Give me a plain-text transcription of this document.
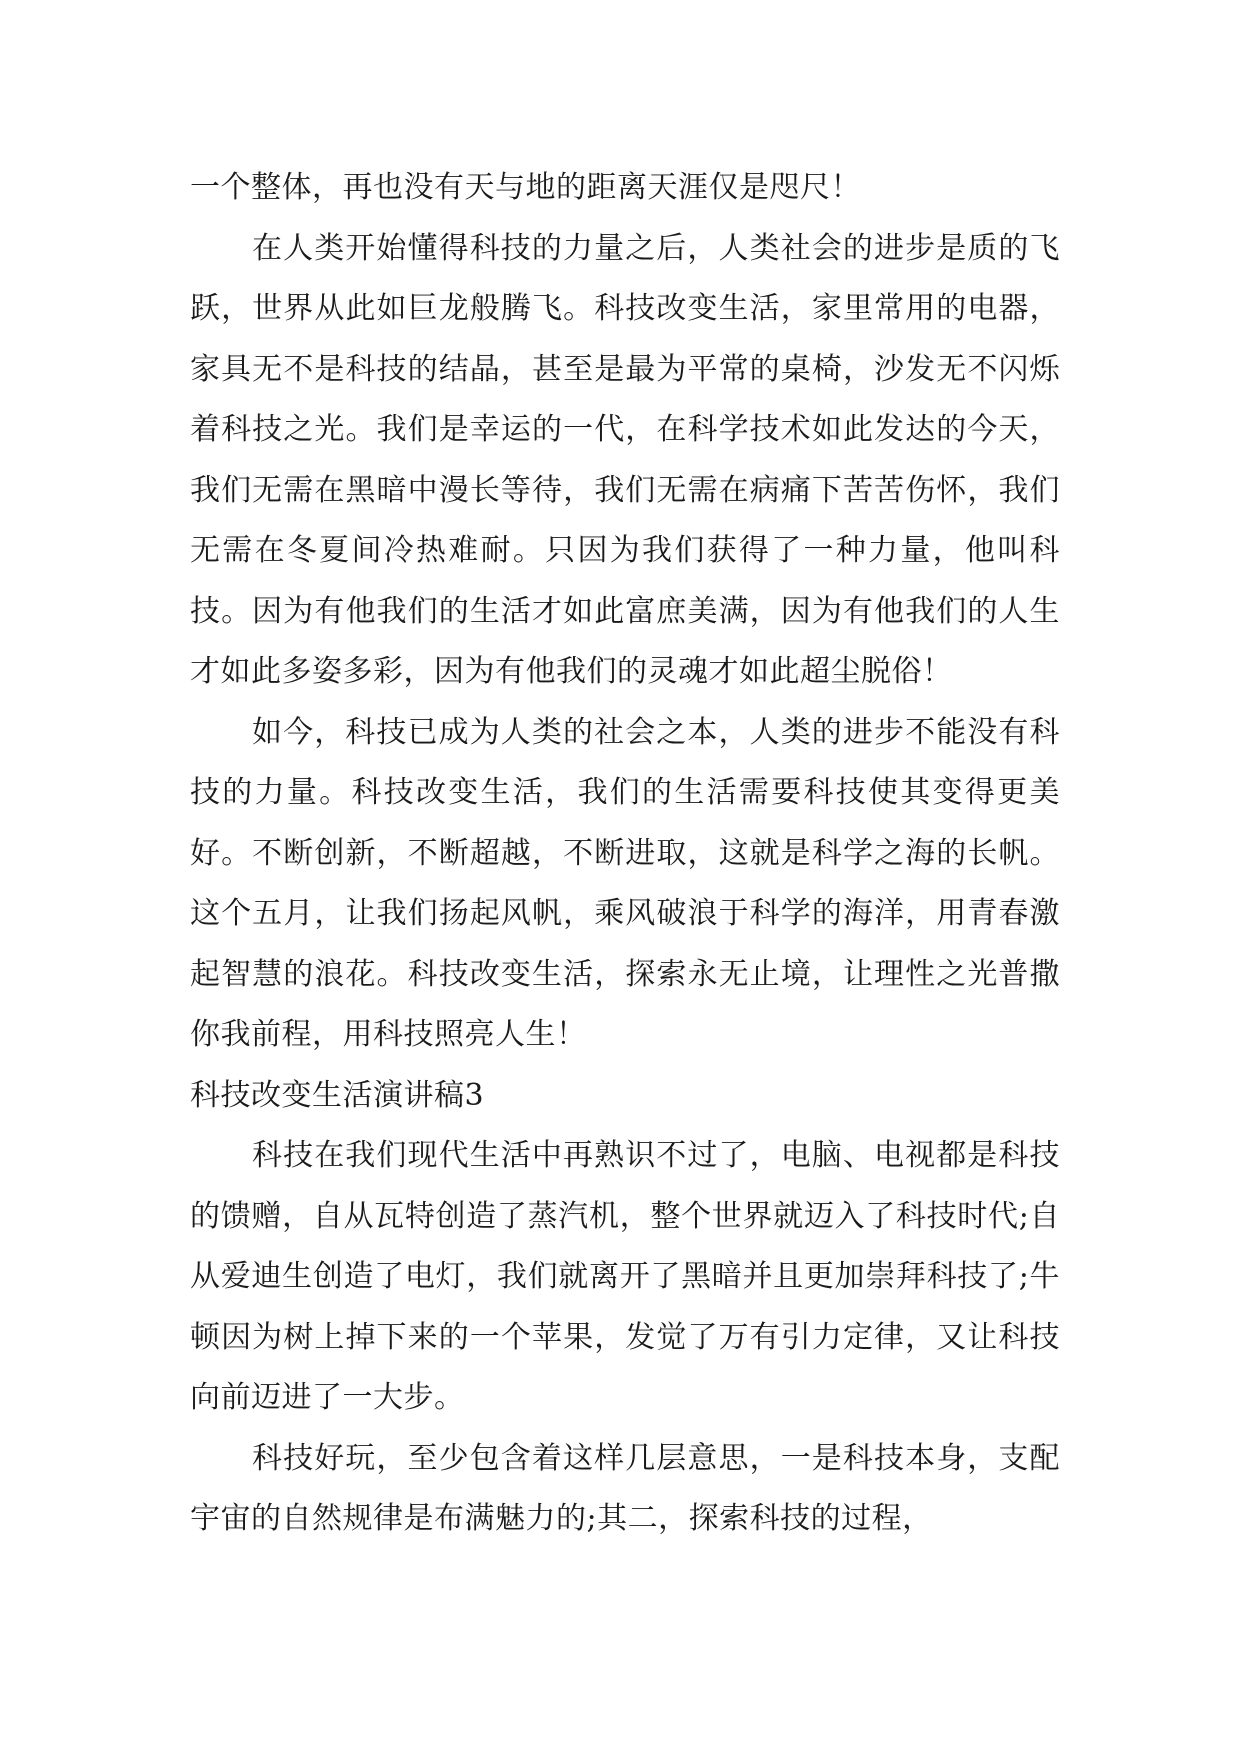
一个整体，再也没有天与地的距离天涯仅是咫尺！

在人类开始懂得科技的力量之后，人类社会的进步是质的飞跃，世界从此如巨龙般腾飞。科技改变生活，家里常用的电器，家具无不是科技的结晶，甚至是最为平常的桌椅，沙发无不闪烁着科技之光。我们是幸运的一代，在科学技术如此发达的今天，我们无需在黑暗中漫长等待，我们无需在病痛下苦苦伤怀，我们无需在冬夏间冷热难耐。只因为我们获得了一种力量，他叫科技。因为有他我们的生活才如此富庶美满，因为有他我们的人生才如此多姿多彩，因为有他我们的灵魂才如此超尘脱俗！

如今，科技已成为人类的社会之本，人类的进步不能没有科技的力量。科技改变生活，我们的生活需要科技使其变得更美好。不断创新，不断超越，不断进取，这就是科学之海的长帆。这个五月，让我们扬起风帆，乘风破浪于科学的海洋，用青春激起智慧的浪花。科技改变生活，探索永无止境，让理性之光普撒你我前程，用科技照亮人生！

科技改变生活演讲稿3

科技在我们现代生活中再熟识不过了，电脑、电视都是科技的馈赠，自从瓦特创造了蒸汽机，整个世界就迈入了科技时代;自从爱迪生创造了电灯，我们就离开了黑暗并且更加崇拜科技了;牛顿因为树上掉下来的一个苹果，发觉了万有引力定律，又让科技向前迈进了一大步。

科技好玩，至少包含着这样几层意思，一是科技本身，支配宇宙的自然规律是布满魅力的;其二，探索科技的过程，
